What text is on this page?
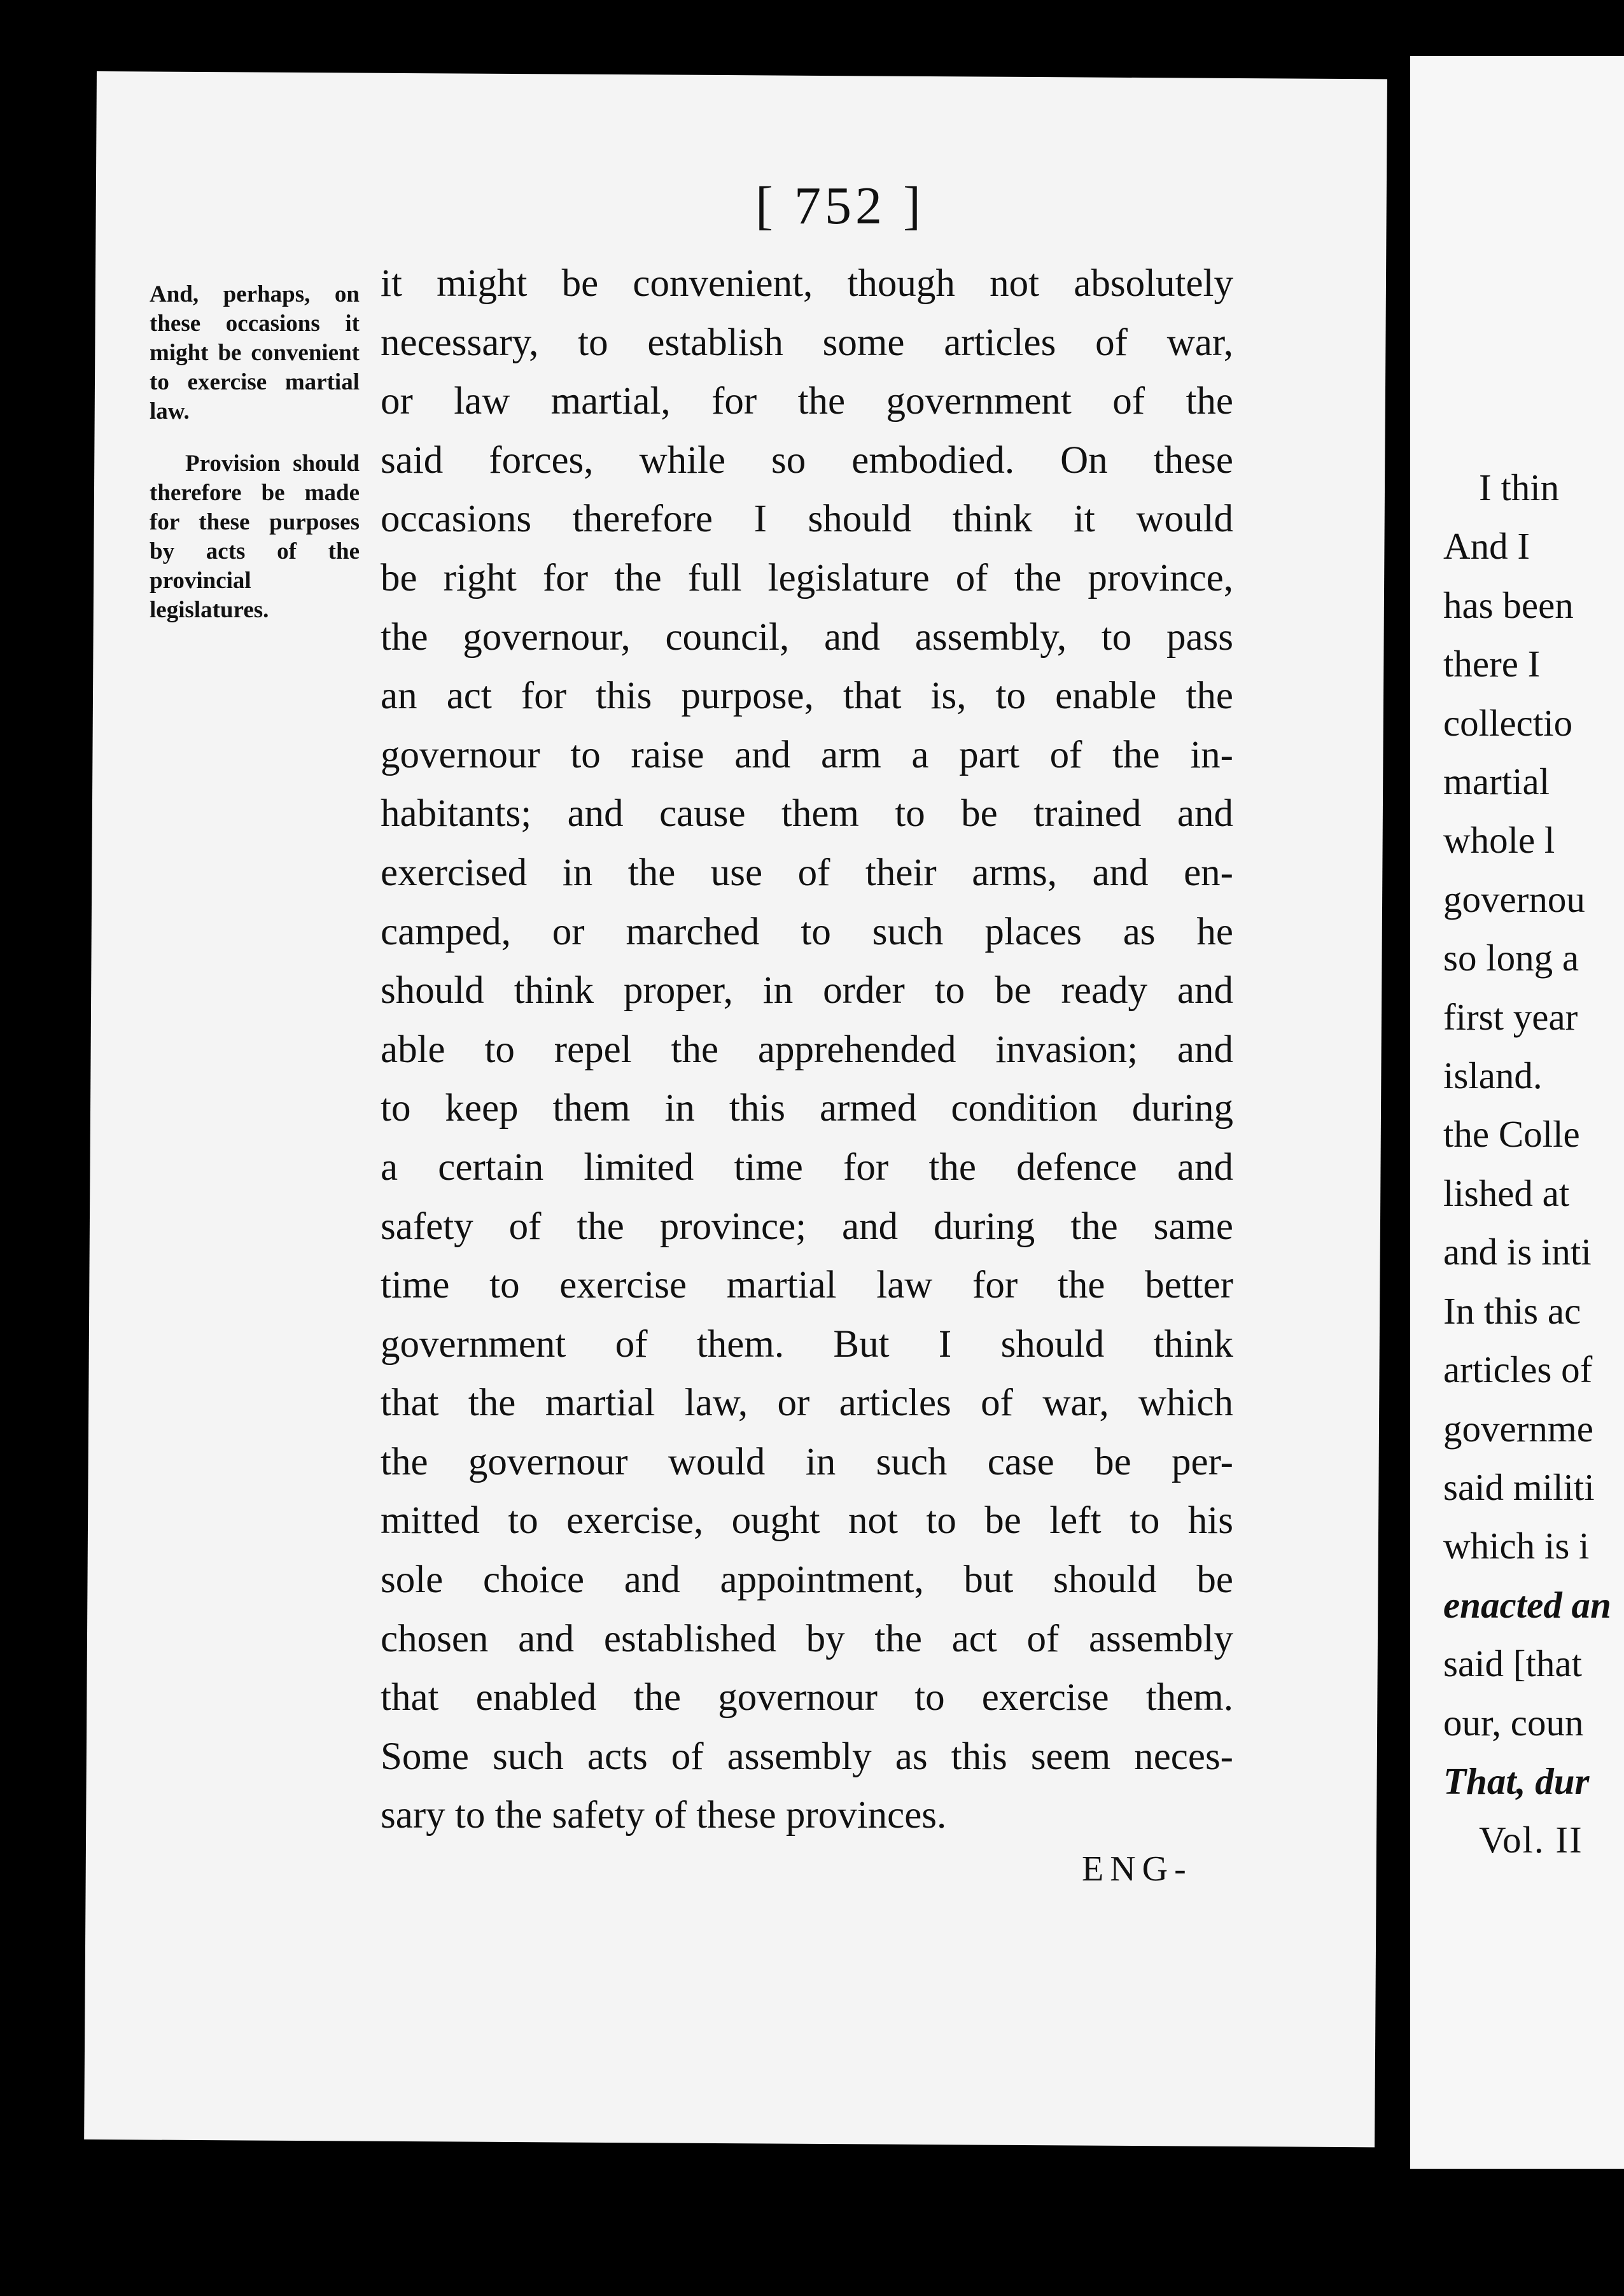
[ 752 ]

And, perhaps, on these occasions it might be convenient to exercise martial law.

Provision should therefore be made for these purposes by acts of the provincial legislatures.

it might be convenient, though not absolutely
necessary, to establish some articles of war,
or law martial, for the government of the
said forces, while so embodied. On these
occasions therefore I should think it would
be right for the full legislature of the province,
the governour, council, and assembly, to pass
an act for this purpose, that is, to enable the
governour to raise and arm a part of the in-
habitants; and cause them to be trained and
exercised in the use of their arms, and en-
camped, or marched to such places as he
should think proper, in order to be ready and
able to repel the apprehended invasion; and
to keep them in this armed condition during
a certain limited time for the defence and
safety of the province; and during the same
time to exercise martial law for the better
government of them. But I should think
that the martial law, or articles of war, which
the governour would in such case be per-
mitted to exercise, ought not to be left to his
sole choice and appointment, but should be
chosen and established by the act of assembly
that enabled the governour to exercise them.
Some such acts of assembly as this seem neces-
sary to the safety of these provinces.
ENG-
I thin
And I
has been
there I
collectio
martial
whole l
governou
so long a
first year
island.
the Colle
lished at
and is inti
In this ac
articles of
governme
said militi
which is i
enacted an
said [that
our, coun
That, dur
Vol. II
